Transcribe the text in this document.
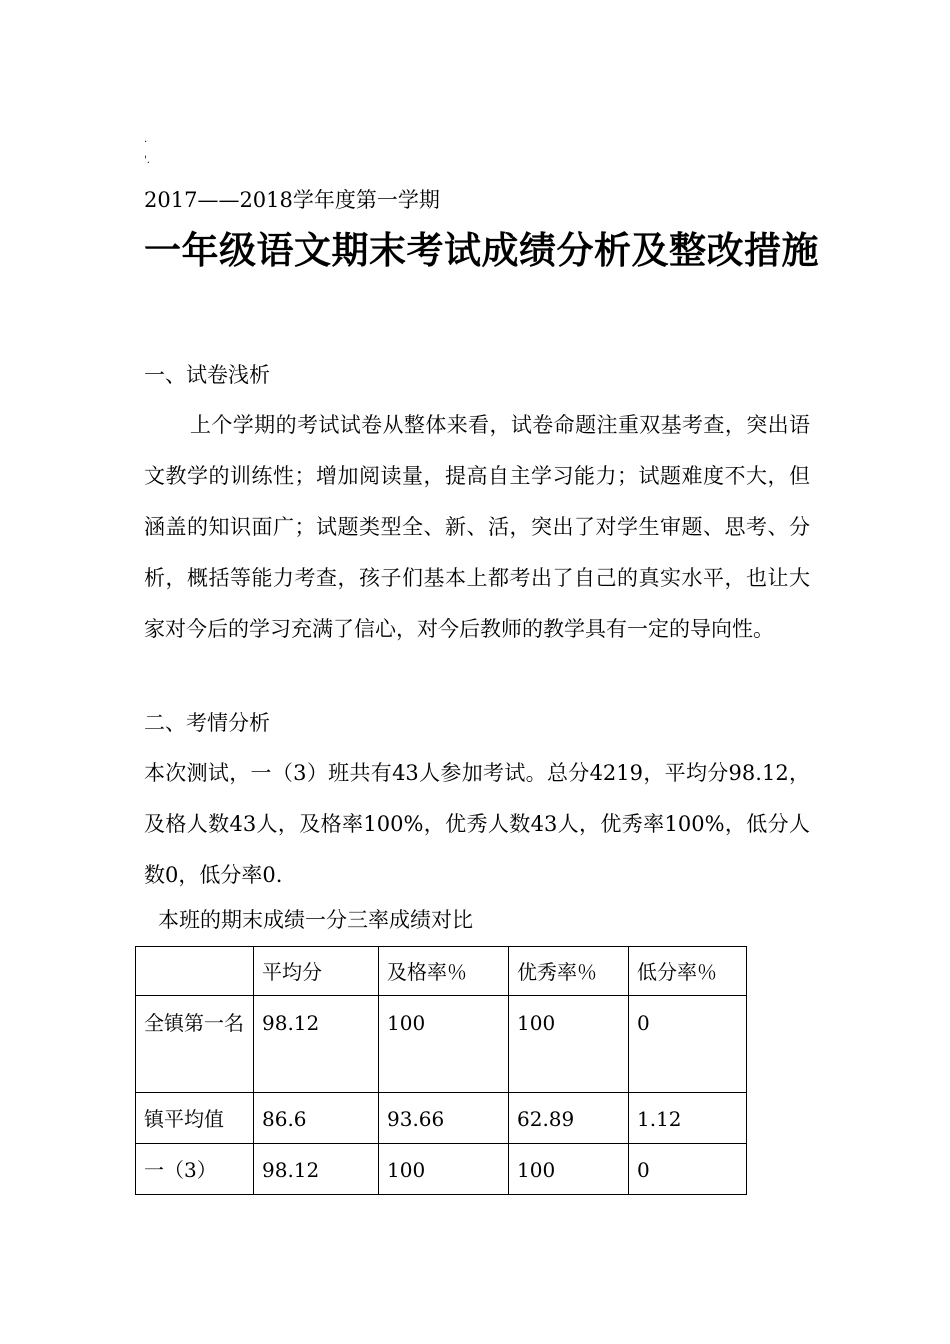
.
'.
2017——2018学年度第一学期
一年级语文期末考试成绩分析及整改措施
一、试卷浅析
上个学期的考试试卷从整体来看，试卷命题注重双基考查，突出语文教学的训练性；增加阅读量，提高自主学习能力；试题难度不大，但涵盖的知识面广；试题类型全、新、活，突出了对学生审题、思考、分析，概括等能力考查，孩子们基本上都考出了自己的真实水平，也让大家对今后的学习充满了信心，对今后教师的教学具有一定的导向性。
二、考情分析
本次测试，一（3）班共有43人参加考试。总分4219，平均分98.12，及格人数43人，及格率100%，优秀人数43人，优秀率100%，低分人数0，低分率0.
本班的期末成绩一分三率成绩对比
	平均分	及格率％	优秀率％	低分率％
全镇第一名	98.12	100	100	0
镇平均值	86.6	93.66	62.89	1.12
一（3）	98.12	100	100	0
